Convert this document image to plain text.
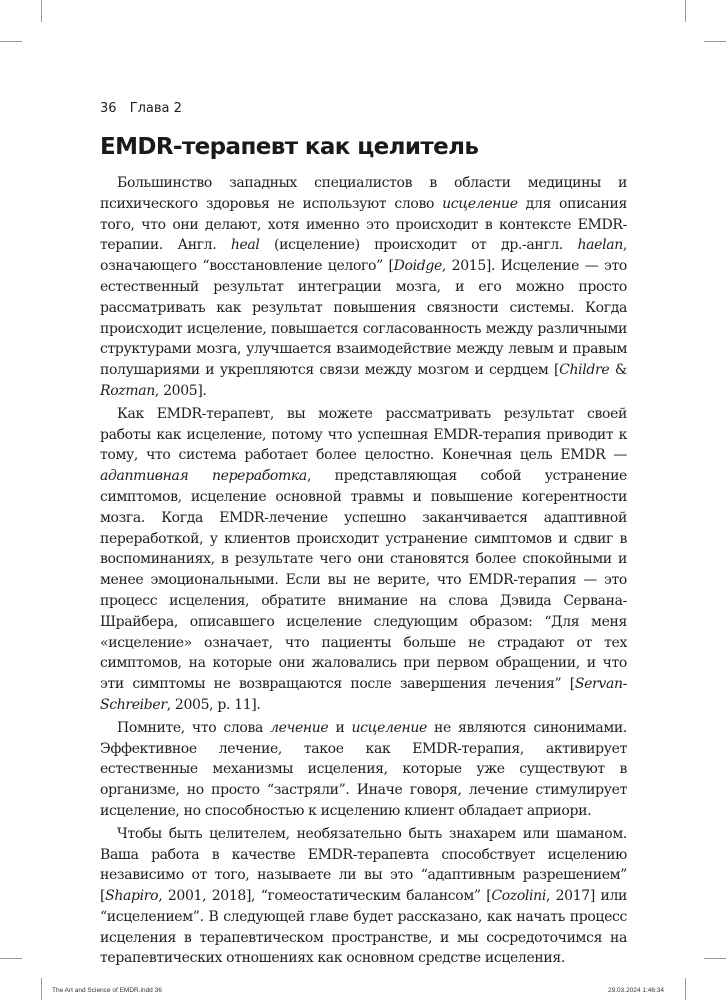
36 Глава 2
EMDR-терапевт как целитель

Большинство западных специалистов в области медицины и психического здоровья не используют слово исцеление для описания того, что они делают, хотя именно это происходит в контексте EMDR-терапии. Англ. heal (исцеление) происходит от др.-англ. haelan, означающего “восстановление целого” [Doidge, 2015]. Исцеление — это естественный результат интеграции мозга, и его можно просто рассматривать как результат повышения связности системы. Когда происходит исцеление, повышается согласованность между различными структурами мозга, улучшается взаимодействие между левым и правым полушариями и укрепляются связи между мозгом и сердцем [Childre & Rozman, 2005].

Как EMDR-терапевт, вы можете рассматривать результат своей работы как исцеление, потому что успешная EMDR-терапия приводит к тому, что система работает более целостно. Конечная цель EMDR — адаптивная переработка, представляющая собой устранение симптомов, исцеление основной травмы и повышение когерентности мозга. Когда EMDR-лечение успешно заканчивается адаптивной переработкой, у клиентов происходит устранение симптомов и сдвиг в воспоминаниях, в результате чего они становятся более спокойными и менее эмоциональными. Если вы не верите, что EMDR-терапия — это процесс исцеления, обратите внимание на слова Дэвида Сервана-Шрайбера, описавшего исцеление следующим образом: “Для меня «исцеление» означает, что пациенты больше не страдают от тех симптомов, на которые они жаловались при первом обращении, и что эти симптомы не возвращаются после завершения лечения” [Servan-Schreiber, 2005, p. 11].

Помните, что слова лечение и исцеление не являются синонимами. Эффективное лечение, такое как EMDR-терапия, активирует естественные механизмы исцеления, которые уже существуют в организме, но просто “застряли”. Иначе говоря, лечение стимулирует исцеление, но способностью к исцелению клиент обладает априори.

Чтобы быть целителем, необязательно быть знахарем или шаманом. Ваша работа в качестве EMDR-терапевта способствует исцелению независимо от того, называете ли вы это “адаптивным разрешением” [Shapiro, 2001, 2018], “гомеостатическим балансом” [Cozolini, 2017] или “исцелением”. В следующей главе будет рассказано, как начать процесс исцеления в терапевтическом пространстве, и мы сосредоточимся на терапевтических отношениях как основном средстве исцеления.

The Art and Science of EMDR.indd 36	29.03.2024 1:46:34
